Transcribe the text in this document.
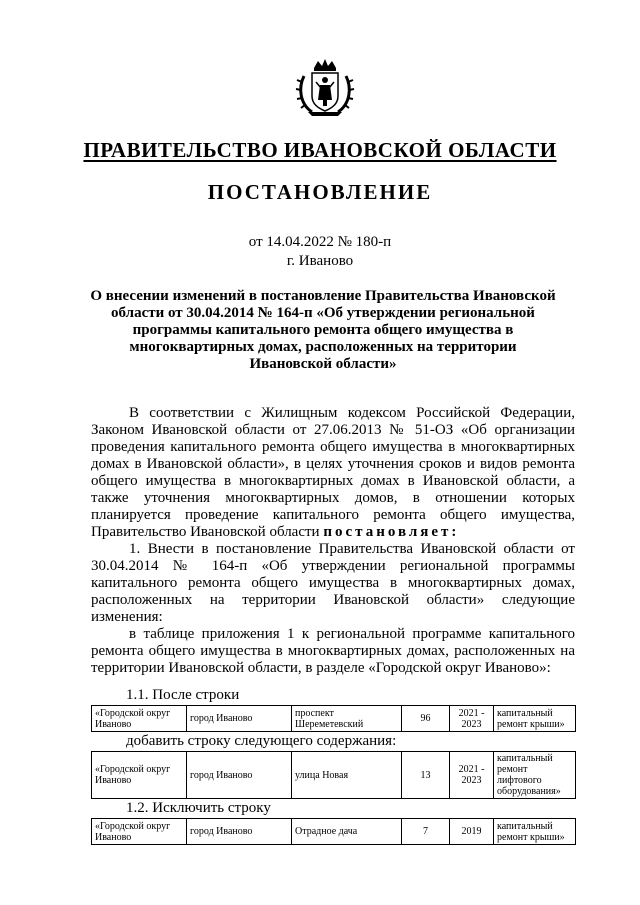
ПРАВИТЕЛЬСТВО ИВАНОВСКОЙ ОБЛАСТИ
ПОСТАНОВЛЕНИЕ
от 14.04.2022 № 180-п
г. Иваново
О внесении изменений в постановление Правительства Ивановской области от 30.04.2014 № 164-п «Об утверждении региональной программы капитального ремонта общего имущества в многоквартирных домах, расположенных на территории Ивановской области»

В соответствии с Жилищным кодексом Российской Федерации, Законом Ивановской области от 27.06.2013 № 51-ОЗ «Об организации проведения капитального ремонта общего имущества в многоквартирных домах в Ивановской области», в целях уточнения сроков и видов ремонта общего имущества в многоквартирных домах в Ивановской области, а также уточнения многоквартирных домов, в отношении которых планируется проведение капитального ремонта общего имущества, Правительство Ивановской области постановляет:

1. Внести в постановление Правительства Ивановской области от 30.04.2014 № 164-п «Об утверждении региональной программы капитального ремонта общего имущества в многоквартирных домах, расположенных на территории Ивановской области» следующие изменения:

в таблице приложения 1 к региональной программе капитального ремонта общего имущества в многоквартирных домах, расположенных на территории Ивановской области, в разделе «Городской округ Иваново»:

1.1. После строки
«Городской округ Иваново	город Иваново	проспект Шереметевский	96	2021 - 2023	капитальный ремонт крыши»
добавить строку следующего содержания:
«Городской округ Иваново	город Иваново	улица Новая	13	2021 - 2023	капитальный ремонт лифтового оборудования»
1.2. Исключить строку
«Городской округ Иваново	город Иваново	Отрадное дача	7	2019	капитальный ремонт крыши»
